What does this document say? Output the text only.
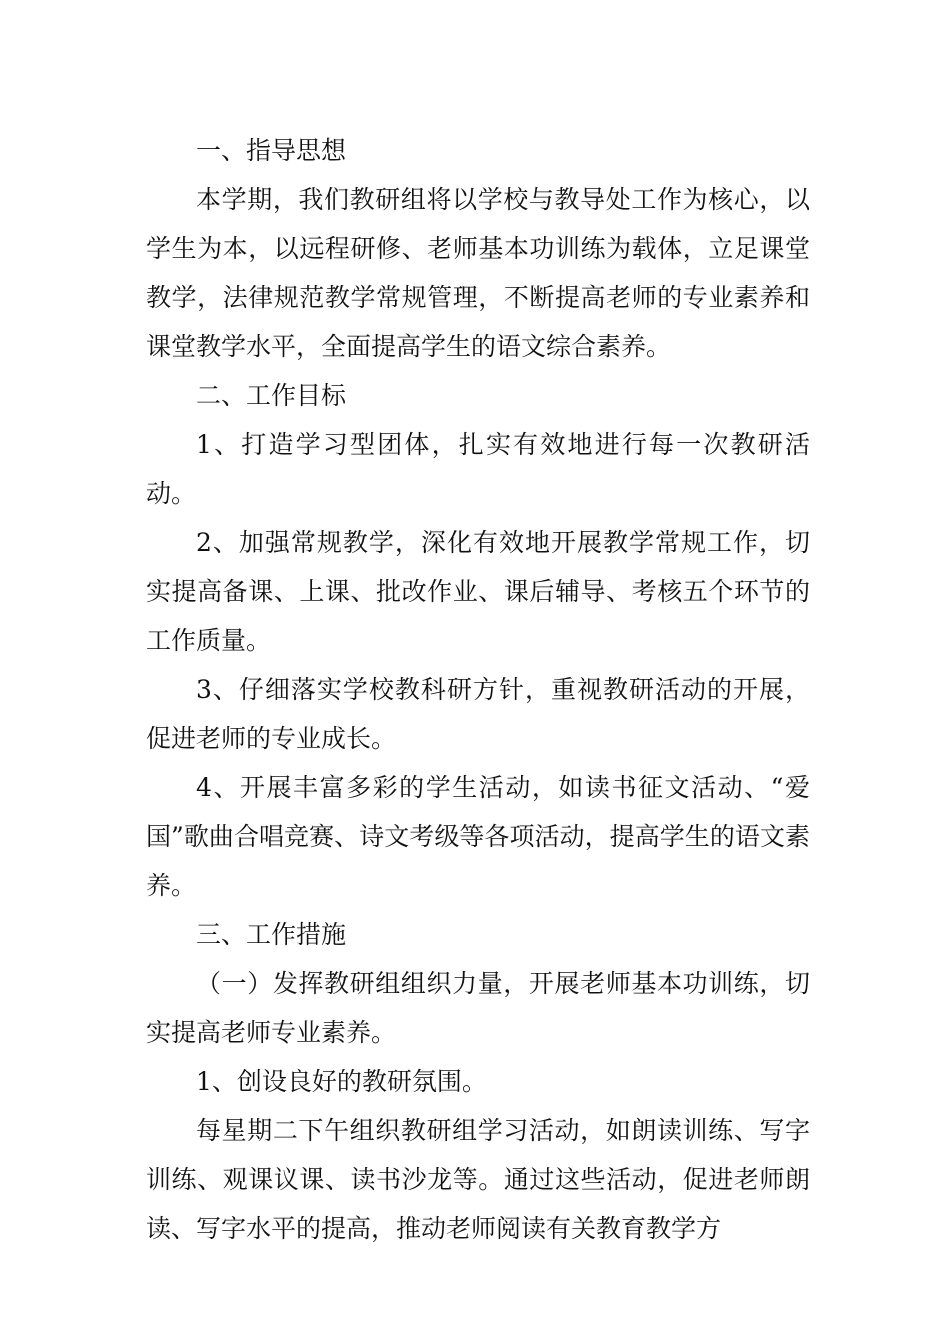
一、指导思想

本学期，我们教研组将以学校与教导处工作为核心，以学生为本，以远程研修、老师基本功训练为载体，立足课堂教学，法律规范教学常规管理，不断提高老师的专业素养和课堂教学水平，全面提高学生的语文综合素养。

二、工作目标

1、打造学习型团体，扎实有效地进行每一次教研活动。

2、加强常规教学，深化有效地开展教学常规工作，切实提高备课、上课、批改作业、课后辅导、考核五个环节的工作质量。

3、仔细落实学校教科研方针，重视教研活动的开展，促进老师的专业成长。

4、开展丰富多彩的学生活动，如读书征文活动、“爱国”歌曲合唱竞赛、诗文考级等各项活动，提高学生的语文素养。

三、工作措施

（一）发挥教研组组织力量，开展老师基本功训练，切实提高老师专业素养。

1、创设良好的教研氛围。

每星期二下午组织教研组学习活动，如朗读训练、写字训练、观课议课、读书沙龙等。通过这些活动，促进老师朗读、写字水平的提高，推动老师阅读有关教育教学方
